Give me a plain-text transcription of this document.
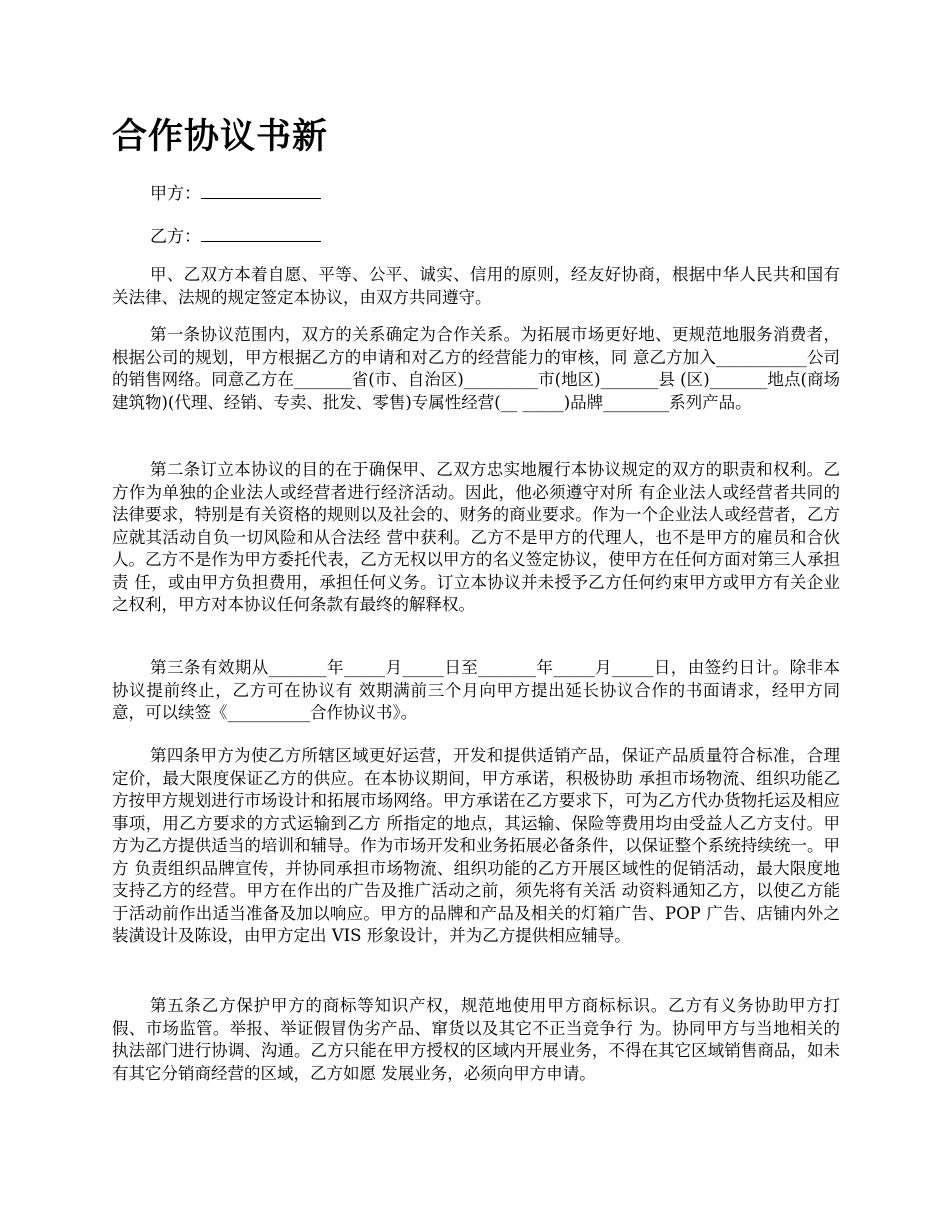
合作协议书新

甲方：

乙方：

甲、乙双方本着自愿、平等、公平、诚实、信用的原则，经友好协商，根据中华人民共和国有关法律、法规的规定签定本协议，由双方共同遵守。

第一条协议范围内，双方的关系确定为合作关系。为拓展市场更好地、更规范地服务消费者，根据公司的规划，甲方根据乙方的申请和对乙方的经营能力的审核，同 意乙方加入___________公司的销售网络。同意乙方在_______省(市、自治区)_________市(地区)_______县 (区)_______地点(商场建筑物)(代理、经销、专卖、批发、零售)专属性经营(__ _____)品牌________系列产品。

第二条订立本协议的目的在于确保甲、乙双方忠实地履行本协议规定的双方的职责和权利。乙方作为单独的企业法人或经营者进行经济活动。因此，他必须遵守对所 有企业法人或经营者共同的法律要求，特别是有关资格的规则以及社会的、财务的商业要求。作为一个企业法人或经营者，乙方应就其活动自负一切风险和从合法经 营中获利。乙方不是甲方的代理人，也不是甲方的雇员和合伙人。乙方不是作为甲方委托代表，乙方无权以甲方的名义签定协议，使甲方在任何方面对第三人承担责 任，或由甲方负担费用，承担任何义务。订立本协议并未授予乙方任何约束甲方或甲方有关企业之权利，甲方对本协议任何条款有最终的解释权。

第三条有效期从_______年_____月_____日至_______年_____月_____日，由签约日计。除非本协议提前终止，乙方可在协议有 效期满前三个月向甲方提出延长协议合作的书面请求，经甲方同意，可以续签《__________合作协议书》。

第四条甲方为使乙方所辖区域更好运营，开发和提供适销产品，保证产品质量符合标准，合理定价，最大限度保证乙方的供应。在本协议期间，甲方承诺，积极协助 承担市场物流、组织功能乙方按甲方规划进行市场设计和拓展市场网络。甲方承诺在乙方要求下，可为乙方代办货物托运及相应事项，用乙方要求的方式运输到乙方 所指定的地点，其运输、保险等费用均由受益人乙方支付。甲方为乙方提供适当的培训和辅导。作为市场开发和业务拓展必备条件，以保证整个系统持续统一。甲方 负责组织品牌宣传，并协同承担市场物流、组织功能的乙方开展区域性的促销活动，最大限度地支持乙方的经营。甲方在作出的广告及推广活动之前，须先将有关活 动资料通知乙方，以使乙方能于活动前作出适当准备及加以响应。甲方的品牌和产品及相关的灯箱广告、POP 广告、店铺内外之装潢设计及陈设，由甲方定出 VIS 形象设计，并为乙方提供相应辅导。

第五条乙方保护甲方的商标等知识产权，规范地使用甲方商标标识。乙方有义务协助甲方打假、市场监管。举报、举证假冒伪劣产品、窜货以及其它不正当竞争行 为。协同甲方与当地相关的执法部门进行协调、沟通。乙方只能在甲方授权的区域内开展业务，不得在其它区域销售商品，如未有其它分销商经营的区域，乙方如愿 发展业务，必须向甲方申请。
